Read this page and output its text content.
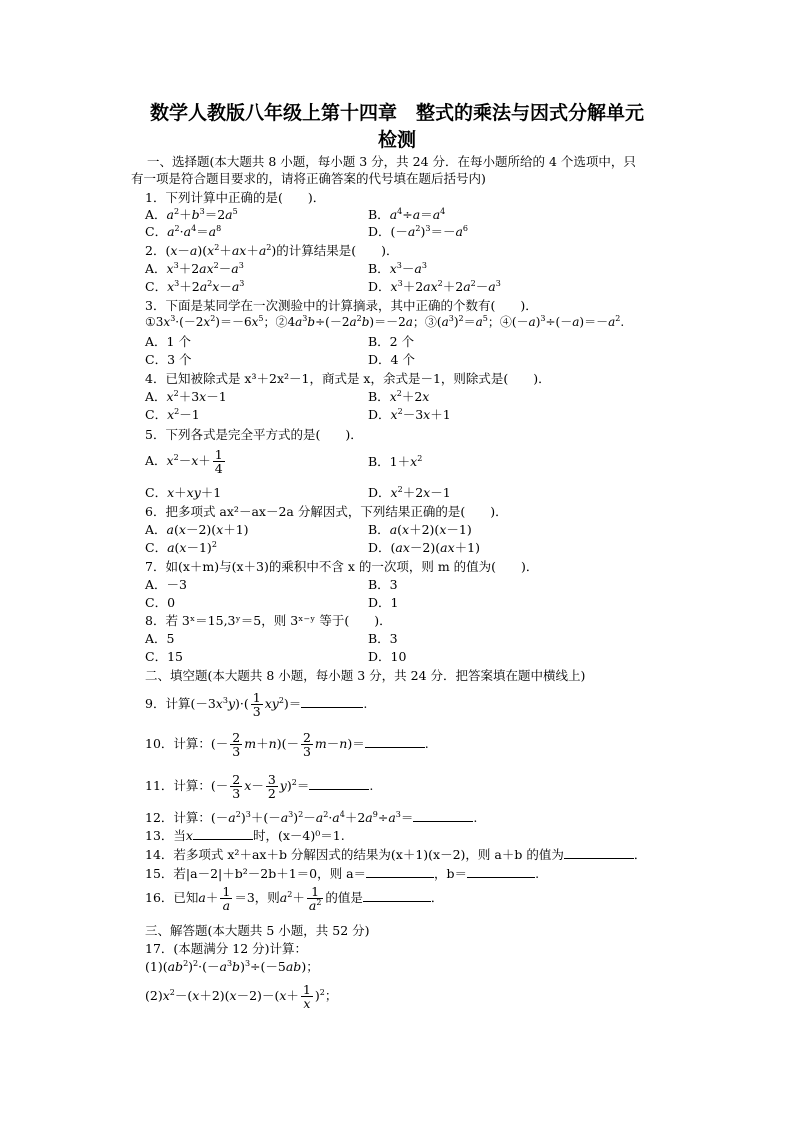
数学人教版八年级上第十四章　整式的乘法与因式分解单元
检测
一、选择题(本大题共 8 小题，每小题 3 分，共 24 分．在每小题所给的 4 个选项中，只
有一项是符合题目要求的，请将正确答案的代号填在题后括号内)
1．下列计算中正确的是(　　)．
A．$a^2+b^3=2a^5$	B．$a^4\div a=a^4$
C．$a^2\cdot a^4=a^8$	D．$(-a^2)^3=-a^6$
2．$(x-a)(x^2+ax+a^2)$的计算结果是(　　)．
A．$x^3+2ax^2-a^3$	B．$x^3-a^3$
C．$x^3+2a^2x-a^3$	D．$x^3+2ax^2+2a^2-a^3$
3．下面是某同学在一次测验中的计算摘录，其中正确的个数有(　　)．
$①3x^3\cdot(-2x^2)=-6x^5$；$②4a^3b\div(-2a^2b)=-2a$；$③(a^3)^2=a^5$；$④(-a)^3\div(-a)=-a^2$.
A．1 个	B．2 个
C．3 个	D．4 个
4．已知被除式是 x³＋2x²－1，商式是 x，余式是－1，则除式是(　　)．
A．$x^2+3x-1$	B．$x^2+2x$
C．$x^2-1$	D．$x^2-3x+1$
5．下列各式是完全平方式的是(　　)．
A．$x^2-x+ \frac{1}{4}$	B．$1+x^2$
C．x＋xy＋1	D．$x^2+2x-1$
6．把多项式 ax²－ax－2a 分解因式，下列结果正确的是(　　)．
A．a(x－2)(x＋1)	B．a(x＋2)(x－1)
C．$a(x-1)^2$	D．(ax－2)(ax＋1)
7．如(x＋m)与(x＋3)的乘积中不含 x 的一次项，则 m 的值为(　　)．
A．－3	B．3
C．0	D．1
8．若 3ˣ＝15,3ʸ＝5，则 3ˣ⁻ʸ 等于(　　)．
A．5	B．3
C．15	D．10
二、填空题(本大题共 8 小题，每小题 3 分，共 24 分．把答案填在题中横线上)
9．计算$(-3x^3y)\cdot( \frac{1}{3} xy^2)=$	.
10．计算：(－ $\frac{2}{3} m+n)(- \frac{2}{3} m-n)=$	.
11．计算：(－ $\frac{2}{3} x- \frac{3}{2} y)^2=$	.
12．计算：$(-a^2)^3+(-a^3)^2-a^2\cdot a^4+2a^9\div a^3=$	.
13．当x	时，(x－4)⁰＝1.
14．若多项式 x²＋ax＋b 分解因式的结果为(x＋1)(x－2)，则 a＋b 的值为	．
15．若|a－2|＋b²－2b＋1＝0，则 a＝	，b＝	.
16．已知$a+ \frac{1}{a} =3$，则$a^2+ \frac{1}{a^2}$ 的值是	．
三、解答题(本大题共 5 小题，共 52 分)
17．(本题满分 12 分)计算：
$(1)(ab^2)^2\cdot(-a^3b)^3\div(-5ab)$；
$(2)x^2-(x+2)(x-2)-(x+ \frac{1}{x} )^2$；
